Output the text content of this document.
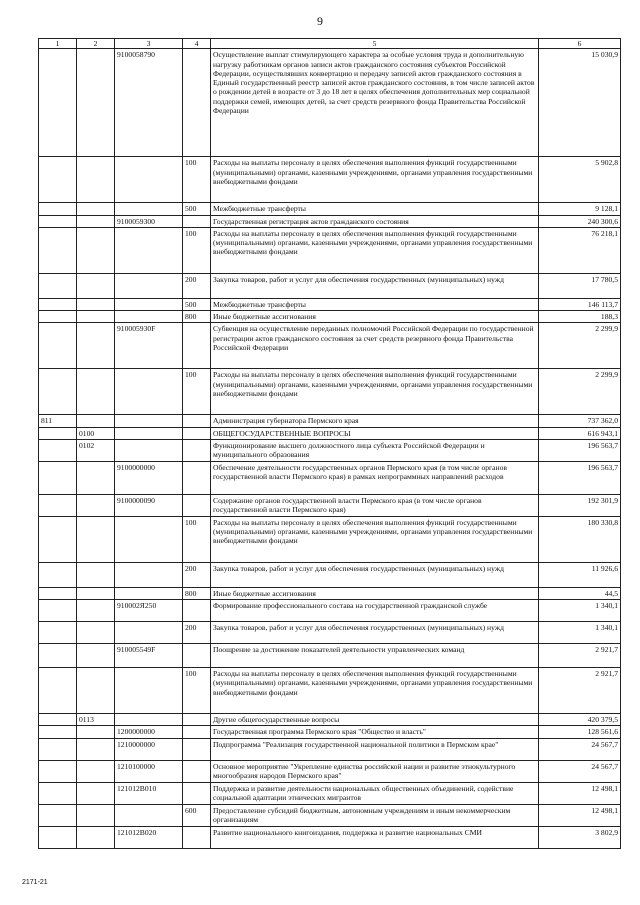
9
1	2	3	4	5	6
		9100058790		Осуществление выплат стимулирующего характера за особые условия труда и дополнительную нагрузку работникам органов записи актов гражданского состояния субъектов Российской Федерации, осуществлявших конвертацию и передачу записей актов гражданского состояния в Единый государственный реестр записей актов гражданского состояния, в том числе записей актов о рождении детей в возрасте от 3 до 18 лет в целях обеспечения дополнительных мер социальной поддержки семей, имеющих детей, за счет средств резервного фонда Правительства Российской Федерации	15 030,9
			100	Расходы на выплаты персоналу в целях обеспечения выполнения функций государственными (муниципальными) органами, казенными учреждениями, органами управления государственными внебюджетными фондами	5 902,8
			500	Межбюджетные трансферты	9 128,1
		9100059300		Государственная регистрация актов гражданского состояния	240 300,6
			100	Расходы на выплаты персоналу в целях обеспечения выполнения функций государственными (муниципальными) органами, казенными учреждениями, органами управления государственными внебюджетными фондами	76 218,1
			200	Закупка товаров, работ и услуг для обеспечения государственных (муниципальных) нужд	17 780,5
			500	Межбюджетные трансферты	146 113,7
			800	Иные бюджетные ассигнования	188,3
		910005930F		Субвенция на осуществление переданных полномочий Российской Федерации по государственной регистрации актов гражданского состояния за счет средств резервного фонда Правительства Российской Федерации	2 299,9
			100	Расходы на выплаты персоналу в целях обеспечения выполнения функций государственными (муниципальными) органами, казенными учреждениями, органами управления государственными внебюджетными фондами	2 299,9
811				Администрация губернатора Пермского края	737 362,0
	0100			ОБЩЕГОСУДАРСТВЕННЫЕ ВОПРОСЫ	616 943,1
	0102			Функционирование высшего должностного лица субъекта Российской Федерации и муниципального образования	196 563,7
		9100000000		Обеспечение деятельности государственных органов Пермского края (в том числе органов государственной власти Пермского края) в рамках непрограммных направлений расходов	196 563,7
		9100000090		Содержание органов государственной власти Пермского края (в том числе органов государственной власти Пермского края)	192 301,9
			100	Расходы на выплаты персоналу в целях обеспечения выполнения функций государственными (муниципальными) органами, казенными учреждениями, органами управления государственными внебюджетными фондами	180 330,8
			200	Закупка товаров, работ и услуг для обеспечения государственных (муниципальных) нужд	11 926,6
			800	Иные бюджетные ассигнования	44,5
		910002Я250		Формирование профессионального состава на государственной гражданской службе	1 340,1
			200	Закупка товаров, работ и услуг для обеспечения государственных (муниципальных) нужд	1 340,1
		910005549F		Поощрение за достижение показателей деятельности управленческих команд	2 921,7
			100	Расходы на выплаты персоналу в целях обеспечения выполнения функций государственными (муниципальными) органами, казенными учреждениями, органами управления государственными внебюджетными фондами	2 921,7
	0113			Другие общегосударственные вопросы	420 379,5
		1200000000		Государственная программа Пермского края "Общество и власть"	128 561,6
		1210000000		Подпрограмма "Реализация государственной национальной политики в Пермском крае"	24 567,7
		1210100000		Основное мероприятие "Укрепление единства российской нации и развитие этнокультурного многообразия народов Пермского края"	24 567,7
		121012В010		Поддержка и развитие деятельности национальных общественных объединений, содействие социальной адаптации этнических мигрантов	12 498,1
			600	Предоставление субсидий бюджетным, автономным учреждениям и иным некоммерческим организациям	12 498,1
		121012В020		Развитие национального книгоиздания, поддержка и развитие национальных СМИ	3 802,9
2171-21
